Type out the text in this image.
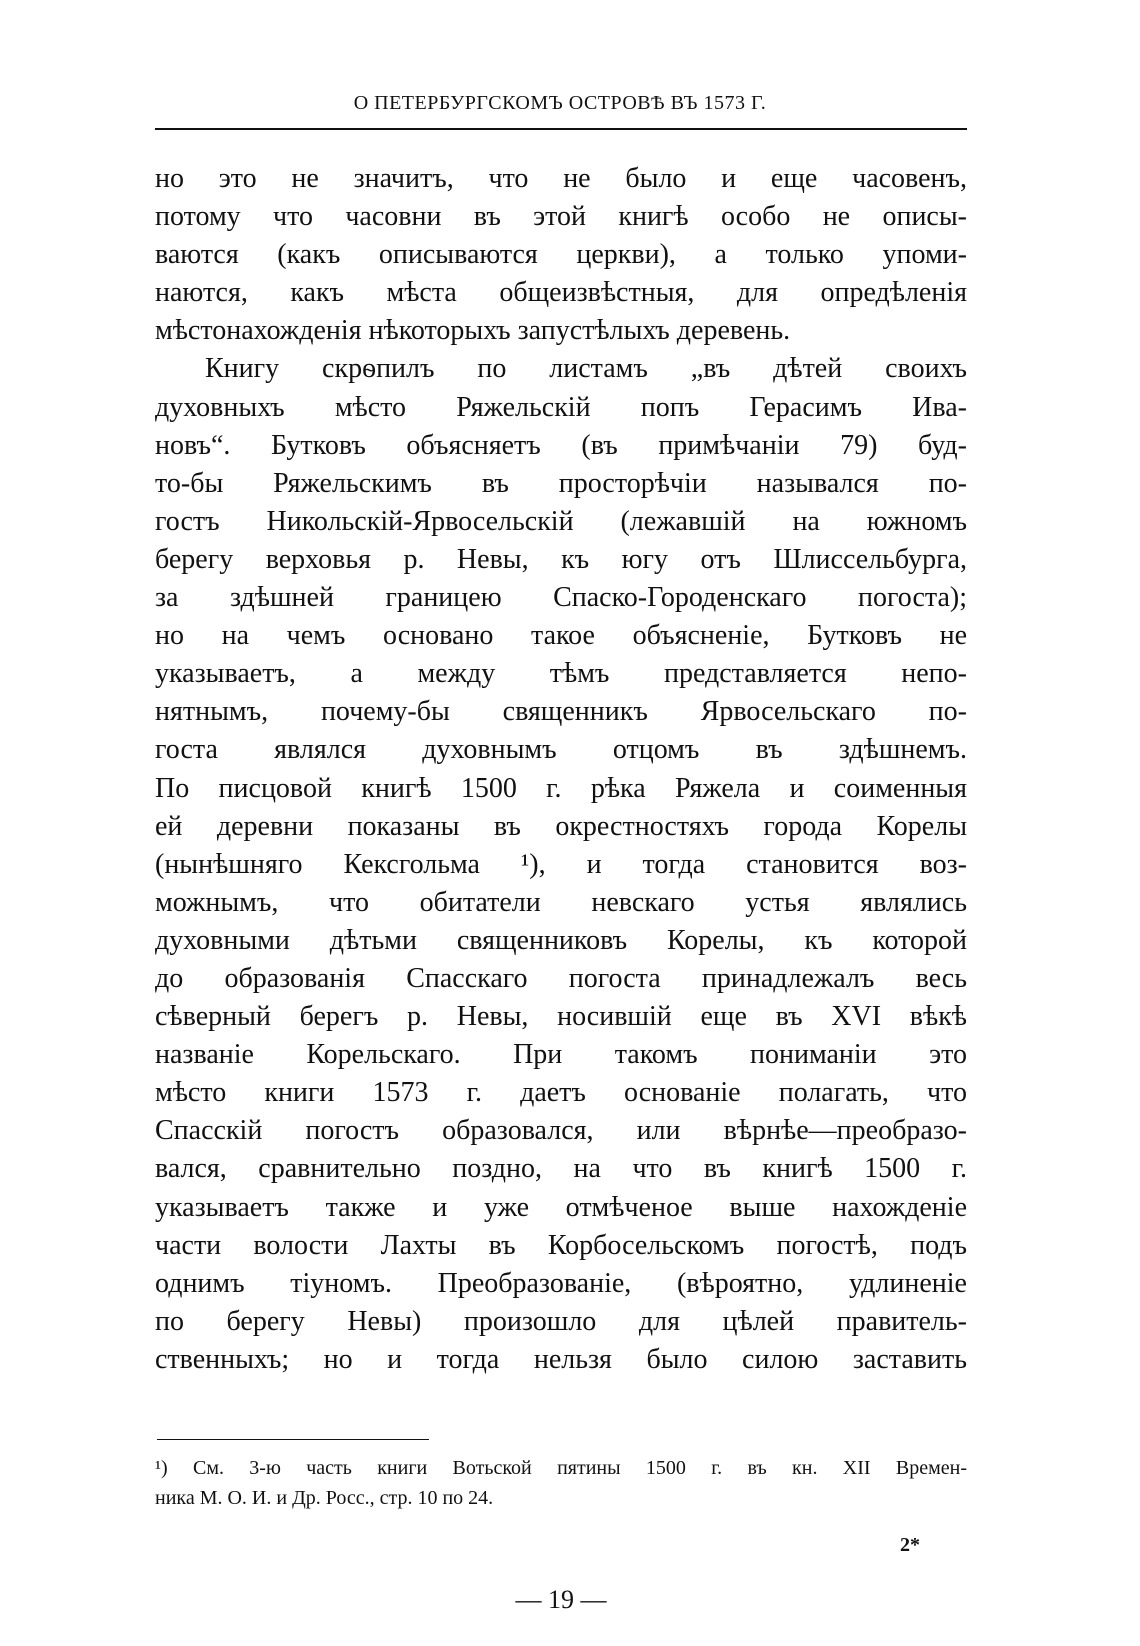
О ПЕТЕРБУРГСКОМЪ ОСТРОВѢ ВЪ 1573 Г.
но это не значитъ, что не было и еще часовенъ,
потому что часовни въ этой книгѣ особо не описы-
ваются (какъ описываются церкви), а только упоми-
наются, какъ мѣста общеизвѣстныя, для опредѣленія
мѣстонахожденія нѣкоторыхъ запустѣлыхъ деревень.
Книгу скрѳпилъ по листамъ „въ дѣтей своихъ
духовныхъ мѣсто Ряжельскій попъ Герасимъ Ива-
новъ“. Бутковъ объясняетъ (въ примѣчаніи 79) буд-
то-бы Ряжельскимъ въ просторѣчіи назывался по-
гостъ Никольскій-Ярвосельскій (лежавшій на южномъ
берегу верховья р. Невы, къ югу отъ Шлиссельбурга,
за здѣшней границею Спаско-Городенскаго погоста);
но на чемъ основано такое объясненіе, Бутковъ не
указываетъ, а между тѣмъ представляется непо-
нятнымъ, почему-бы священникъ Ярвосельскаго по-
госта являлся духовнымъ отцомъ въ здѣшнемъ.
По писцовой книгѣ 1500 г. рѣка Ряжела и соименныя
ей деревни показаны въ окрестностяхъ города Корелы
(нынѣшняго Кексгольма ¹), и тогда становится воз-
можнымъ, что обитатели невскаго устья являлись
духовными дѣтьми священниковъ Корелы, къ которой
до образованія Спасскаго погоста принадлежалъ весь
сѣверный берегъ р. Невы, носившій еще въ XVI вѣкѣ
названіе Корельскаго. При такомъ пониманіи это
мѣсто книги 1573 г. даетъ основаніе полагать, что
Спасскій погостъ образовался, или вѣрнѣе—преобразо-
вался, сравнительно поздно, на что въ книгѣ 1500 г.
указываетъ также и уже отмѣченое выше нахожденіе
части волости Лахты въ Корбосельскомъ погостѣ, подъ
однимъ тіуномъ. Преобразованіе, (вѣроятно, удлиненіе
по берегу Невы) произошло для цѣлей правитель-
ственныхъ; но и тогда нельзя было силою заставить
¹) См. 3-ю часть книги Вотьской пятины 1500 г. въ кн. XII Времен-
ника М. О. И. и Др. Росс., стр. 10 по 24.
2*
— 19 —
